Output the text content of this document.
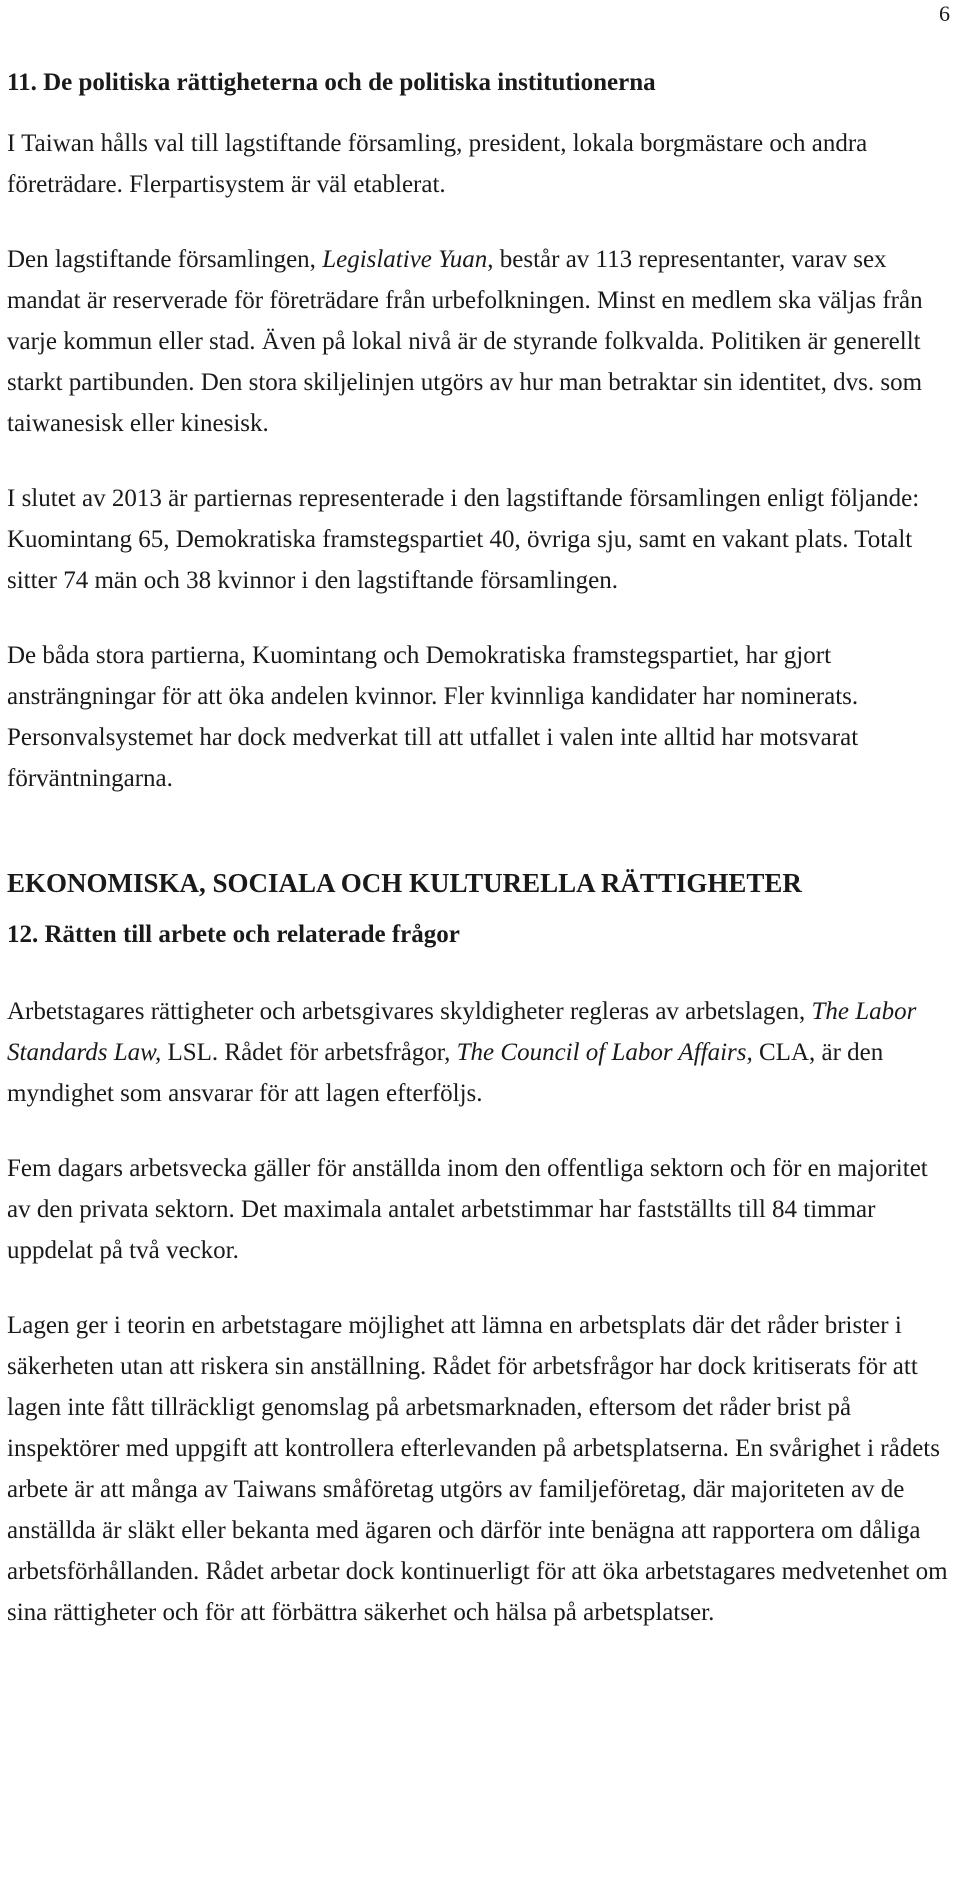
6
11. De politiska rättigheterna och de politiska institutionerna

I Taiwan hålls val till lagstiftande församling, president, lokala borgmästare och andra företrädare. Flerpartisystem är väl etablerat.

Den lagstiftande församlingen, Legislative Yuan, består av 113 representanter, varav sex mandat är reserverade för företrädare från urbefolkningen. Minst en medlem ska väljas från varje kommun eller stad. Även på lokal nivå är de styrande folkvalda. Politiken är generellt starkt partibunden. Den stora skiljelinjen utgörs av hur man betraktar sin identitet, dvs. som taiwanesisk eller kinesisk.

I slutet av 2013 är partiernas representerade i den lagstiftande församlingen enligt följande: Kuomintang 65, Demokratiska framstegspartiet 40, övriga sju, samt en vakant plats. Totalt sitter 74 män och 38 kvinnor i den lagstiftande församlingen.

De båda stora partierna, Kuomintang och Demokratiska framstegspartiet, har gjort ansträngningar för att öka andelen kvinnor. Fler kvinnliga kandidater har nominerats. Personvalsystemet har dock medverkat till att utfallet i valen inte alltid har motsvarat förväntningarna.

EKONOMISKA, SOCIALA OCH KULTURELLA RÄTTIGHETER
12. Rätten till arbete och relaterade frågor

Arbetstagares rättigheter och arbetsgivares skyldigheter regleras av arbetslagen, The Labor Standards Law, LSL. Rådet för arbetsfrågor, The Council of Labor Affairs, CLA, är den myndighet som ansvarar för att lagen efterföljs.

Fem dagars arbetsvecka gäller för anställda inom den offentliga sektorn och för en majoritet av den privata sektorn. Det maximala antalet arbetstimmar har fastställts till 84 timmar uppdelat på två veckor.

Lagen ger i teorin en arbetstagare möjlighet att lämna en arbetsplats där det råder brister i säkerheten utan att riskera sin anställning. Rådet för arbetsfrågor har dock kritiserats för att lagen inte fått tillräckligt genomslag på arbetsmarknaden, eftersom det råder brist på inspektörer med uppgift att kontrollera efterlevanden på arbetsplatserna. En svårighet i rådets arbete är att många av Taiwans småföretag utgörs av familjeföretag, där majoriteten av de anställda är släkt eller bekanta med ägaren och därför inte benägna att rapportera om dåliga arbetsförhållanden. Rådet arbetar dock kontinuerligt för att öka arbetstagares medvetenhet om sina rättigheter och för att förbättra säkerhet och hälsa på arbetsplatser.
